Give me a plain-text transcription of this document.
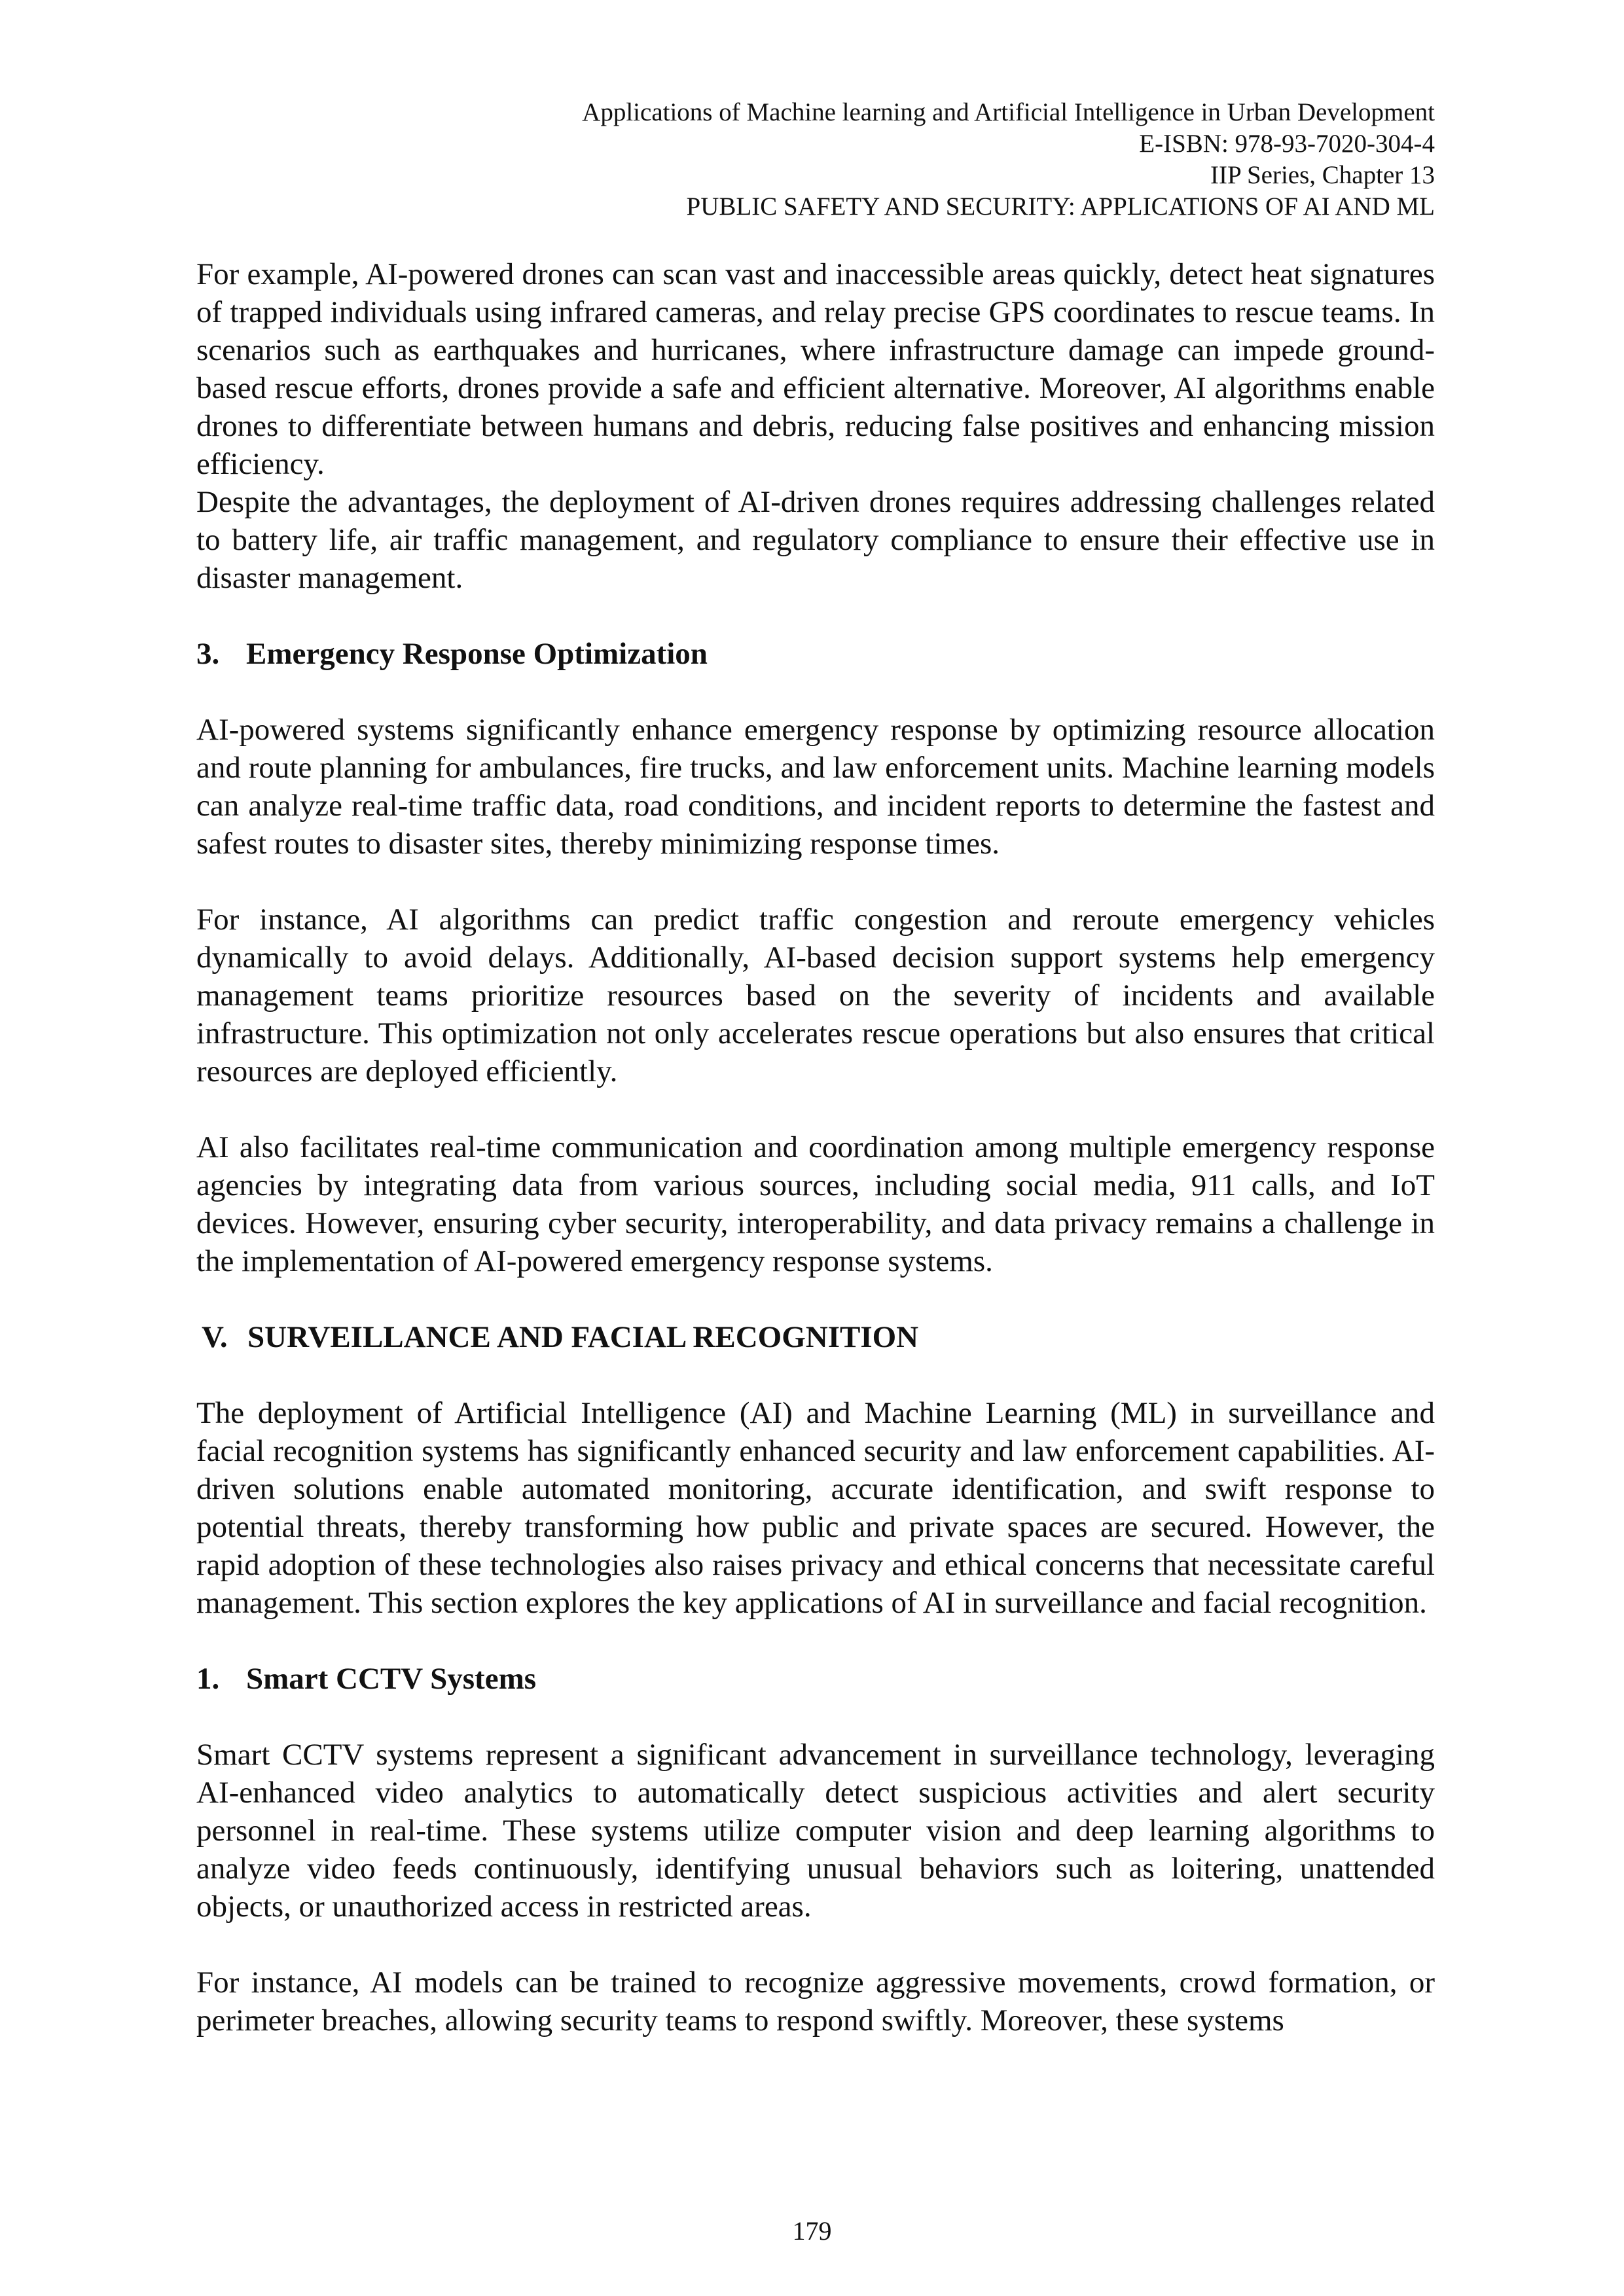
Applications of Machine learning and Artificial Intelligence in Urban Development
E-ISBN: 978-93-7020-304-4
IIP Series, Chapter 13
PUBLIC SAFETY AND SECURITY: APPLICATIONS OF AI AND ML

For example, AI-powered drones can scan vast and inaccessible areas quickly, detect heat signatures of trapped individuals using infrared cameras, and relay precise GPS coordinates to rescue teams. In scenarios such as earthquakes and hurricanes, where infrastructure damage can impede ground-based rescue efforts, drones provide a safe and efficient alternative. Moreover, AI algorithms enable drones to differentiate between humans and debris, reducing false positives and enhancing mission efficiency.

Despite the advantages, the deployment of AI-driven drones requires addressing challenges related to battery life, air traffic management, and regulatory compliance to ensure their effective use in disaster management.

3. Emergency Response Optimization

AI-powered systems significantly enhance emergency response by optimizing resource allocation and route planning for ambulances, fire trucks, and law enforcement units. Machine learning models can analyze real-time traffic data, road conditions, and incident reports to determine the fastest and safest routes to disaster sites, thereby minimizing response times.

For instance, AI algorithms can predict traffic congestion and reroute emergency vehicles dynamically to avoid delays. Additionally, AI-based decision support systems help emergency management teams prioritize resources based on the severity of incidents and available infrastructure. This optimization not only accelerates rescue operations but also ensures that critical resources are deployed efficiently.

AI also facilitates real-time communication and coordination among multiple emergency response agencies by integrating data from various sources, including social media, 911 calls, and IoT devices. However, ensuring cyber security, interoperability, and data privacy remains a challenge in the implementation of AI-powered emergency response systems.

V. SURVEILLANCE AND FACIAL RECOGNITION

The deployment of Artificial Intelligence (AI) and Machine Learning (ML) in surveillance and facial recognition systems has significantly enhanced security and law enforcement capabilities. AI-driven solutions enable automated monitoring, accurate identification, and swift response to potential threats, thereby transforming how public and private spaces are secured. However, the rapid adoption of these technologies also raises privacy and ethical concerns that necessitate careful management. This section explores the key applications of AI in surveillance and facial recognition.

1. Smart CCTV Systems

Smart CCTV systems represent a significant advancement in surveillance technology, leveraging AI-enhanced video analytics to automatically detect suspicious activities and alert security personnel in real-time. These systems utilize computer vision and deep learning algorithms to analyze video feeds continuously, identifying unusual behaviors such as loitering, unattended objects, or unauthorized access in restricted areas.

For instance, AI models can be trained to recognize aggressive movements, crowd formation, or perimeter breaches, allowing security teams to respond swiftly. Moreover, these systems

179
